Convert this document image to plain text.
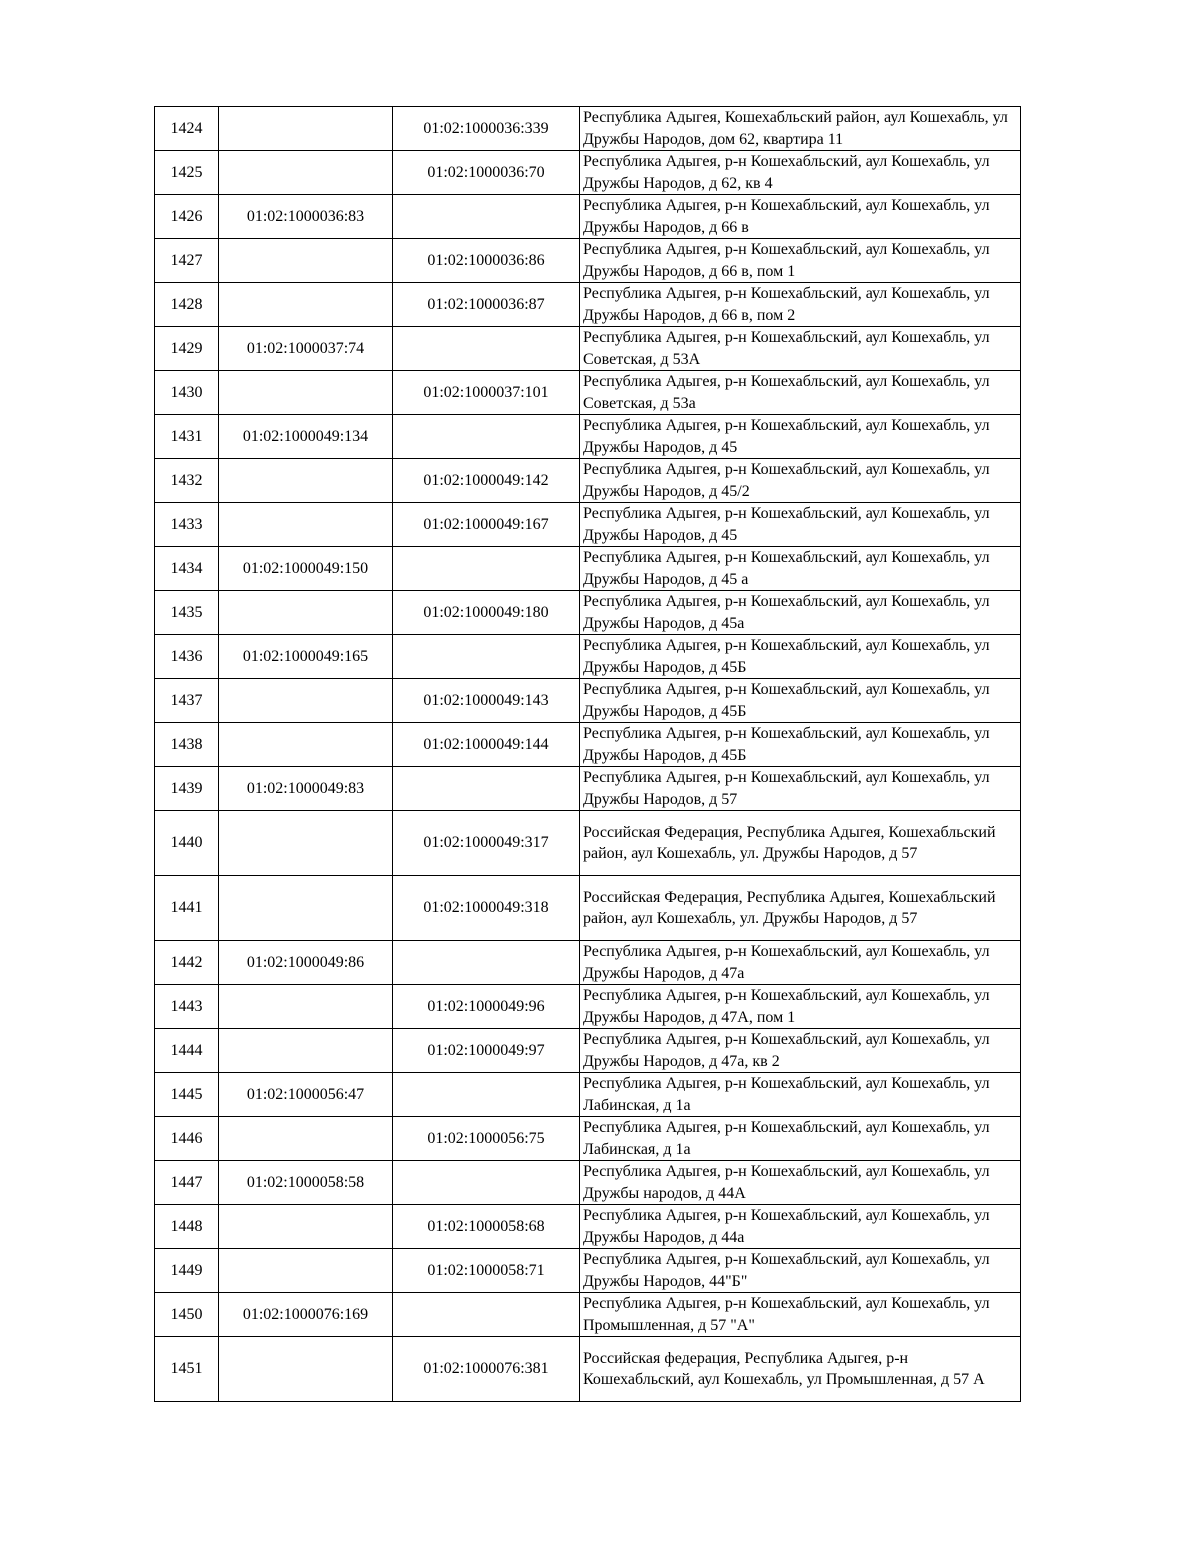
1424		01:02:1000036:339	Республика Адыгея, Кошехабльский район, аул Кошехабль, ул Дружбы Народов, дом 62, квартира 11
1425		01:02:1000036:70	Республика Адыгея, р-н Кошехабльский, аул Кошехабль, ул Дружбы Народов, д 62, кв 4
1426	01:02:1000036:83		Республика Адыгея, р-н Кошехабльский, аул Кошехабль, ул Дружбы Народов, д 66 в
1427		01:02:1000036:86	Республика Адыгея, р-н Кошехабльский, аул Кошехабль, ул Дружбы Народов, д 66 в, пом 1
1428		01:02:1000036:87	Республика Адыгея, р-н Кошехабльский, аул Кошехабль, ул Дружбы Народов, д 66 в, пом 2
1429	01:02:1000037:74		Республика Адыгея, р-н Кошехабльский, аул Кошехабль, ул Советская, д 53А
1430		01:02:1000037:101	Республика Адыгея, р-н Кошехабльский, аул Кошехабль, ул Советская, д 53а
1431	01:02:1000049:134		Республика Адыгея, р-н Кошехабльский, аул Кошехабль, ул Дружбы Народов, д 45
1432		01:02:1000049:142	Республика Адыгея, р-н Кошехабльский, аул Кошехабль, ул Дружбы Народов, д 45/2
1433		01:02:1000049:167	Республика Адыгея, р-н Кошехабльский, аул Кошехабль, ул Дружбы Народов, д 45
1434	01:02:1000049:150		Республика Адыгея, р-н Кошехабльский, аул Кошехабль, ул Дружбы Народов, д 45 а
1435		01:02:1000049:180	Республика Адыгея, р-н Кошехабльский, аул Кошехабль, ул Дружбы Народов, д 45а
1436	01:02:1000049:165		Республика Адыгея, р-н Кошехабльский, аул Кошехабль, ул Дружбы Народов, д 45Б
1437		01:02:1000049:143	Республика Адыгея, р-н Кошехабльский, аул Кошехабль, ул Дружбы Народов, д 45Б
1438		01:02:1000049:144	Республика Адыгея, р-н Кошехабльский, аул Кошехабль, ул Дружбы Народов, д 45Б
1439	01:02:1000049:83		Республика Адыгея, р-н Кошехабльский, аул Кошехабль, ул Дружбы Народов, д 57
1440		01:02:1000049:317	Российская Федерация, Республика Адыгея, Кошехабльский район, аул Кошехабль, ул. Дружбы Народов, д 57
1441		01:02:1000049:318	Российская Федерация, Республика Адыгея, Кошехабльский район, аул Кошехабль, ул. Дружбы Народов, д 57
1442	01:02:1000049:86		Республика Адыгея, р-н Кошехабльский, аул Кошехабль, ул Дружбы Народов, д 47а
1443		01:02:1000049:96	Республика Адыгея, р-н Кошехабльский, аул Кошехабль, ул Дружбы Народов, д 47А, пом 1
1444		01:02:1000049:97	Республика Адыгея, р-н Кошехабльский, аул Кошехабль, ул Дружбы Народов, д 47а, кв 2
1445	01:02:1000056:47		Республика Адыгея, р-н Кошехабльский, аул Кошехабль, ул Лабинская, д 1а
1446		01:02:1000056:75	Республика Адыгея, р-н Кошехабльский, аул Кошехабль, ул Лабинская, д 1а
1447	01:02:1000058:58		Республика Адыгея, р-н Кошехабльский, аул Кошехабль, ул Дружбы народов, д 44А
1448		01:02:1000058:68	Республика Адыгея, р-н Кошехабльский, аул Кошехабль, ул Дружбы Народов, д 44а
1449		01:02:1000058:71	Республика Адыгея, р-н Кошехабльский, аул Кошехабль, ул Дружбы Народов, 44"Б"
1450	01:02:1000076:169		Республика Адыгея, р-н Кошехабльский, аул Кошехабль, ул Промышленная, д 57 "А"
1451		01:02:1000076:381	Российская федерация, Республика Адыгея, р-н Кошехабльский, аул Кошехабль, ул Промышленная, д 57 А
